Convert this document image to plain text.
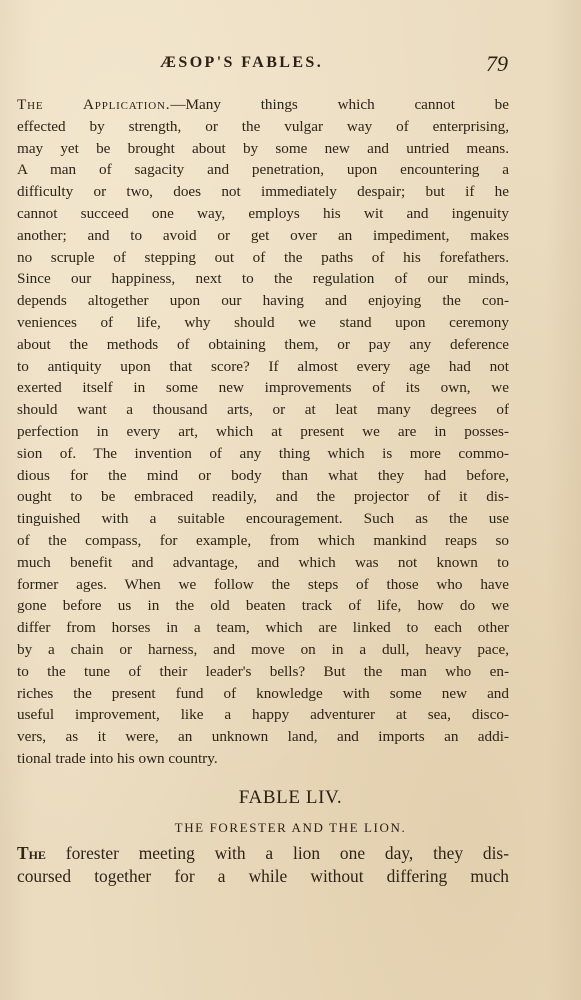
ÆSOP'S FABLES.	79
The Application.—Many things which cannot be
effected by strength, or the vulgar way of enterprising,
may yet be brought about by some new and untried means.
A man of sagacity and penetration, upon encountering a
difficulty or two, does not immediately despair; but if he
cannot succeed one way, employs his wit and ingenuity
another; and to avoid or get over an impediment, makes
no scruple of stepping out of the paths of his forefathers.
Since our happiness, next to the regulation of our minds,
depends altogether upon our having and enjoying the con-
veniences of life, why should we stand upon ceremony
about the methods of obtaining them, or pay any deference
to antiquity upon that score? If almost every age had not
exerted itself in some new improvements of its own, we
should want a thousand arts, or at leat many degrees of
perfection in every art, which at present we are in posses-
sion of. The invention of any thing which is more commo-
dious for the mind or body than what they had before,
ought to be embraced readily, and the projector of it dis-
tinguished with a suitable encouragement. Such as the use
of the compass, for example, from which mankind reaps so
much benefit and advantage, and which was not known to
former ages. When we follow the steps of those who have
gone before us in the old beaten track of life, how do we
differ from horses in a team, which are linked to each other
by a chain or harness, and move on in a dull, heavy pace,
to the tune of their leader's bells? But the man who en-
riches the present fund of knowledge with some new and
useful improvement, like a happy adventurer at sea, disco-
vers, as it were, an unknown land, and imports an addi-
tional trade into his own country.
FABLE LIV.
THE FORESTER AND THE LION.
The forester meeting with a lion one day, they dis-
coursed together for a while without differing much
